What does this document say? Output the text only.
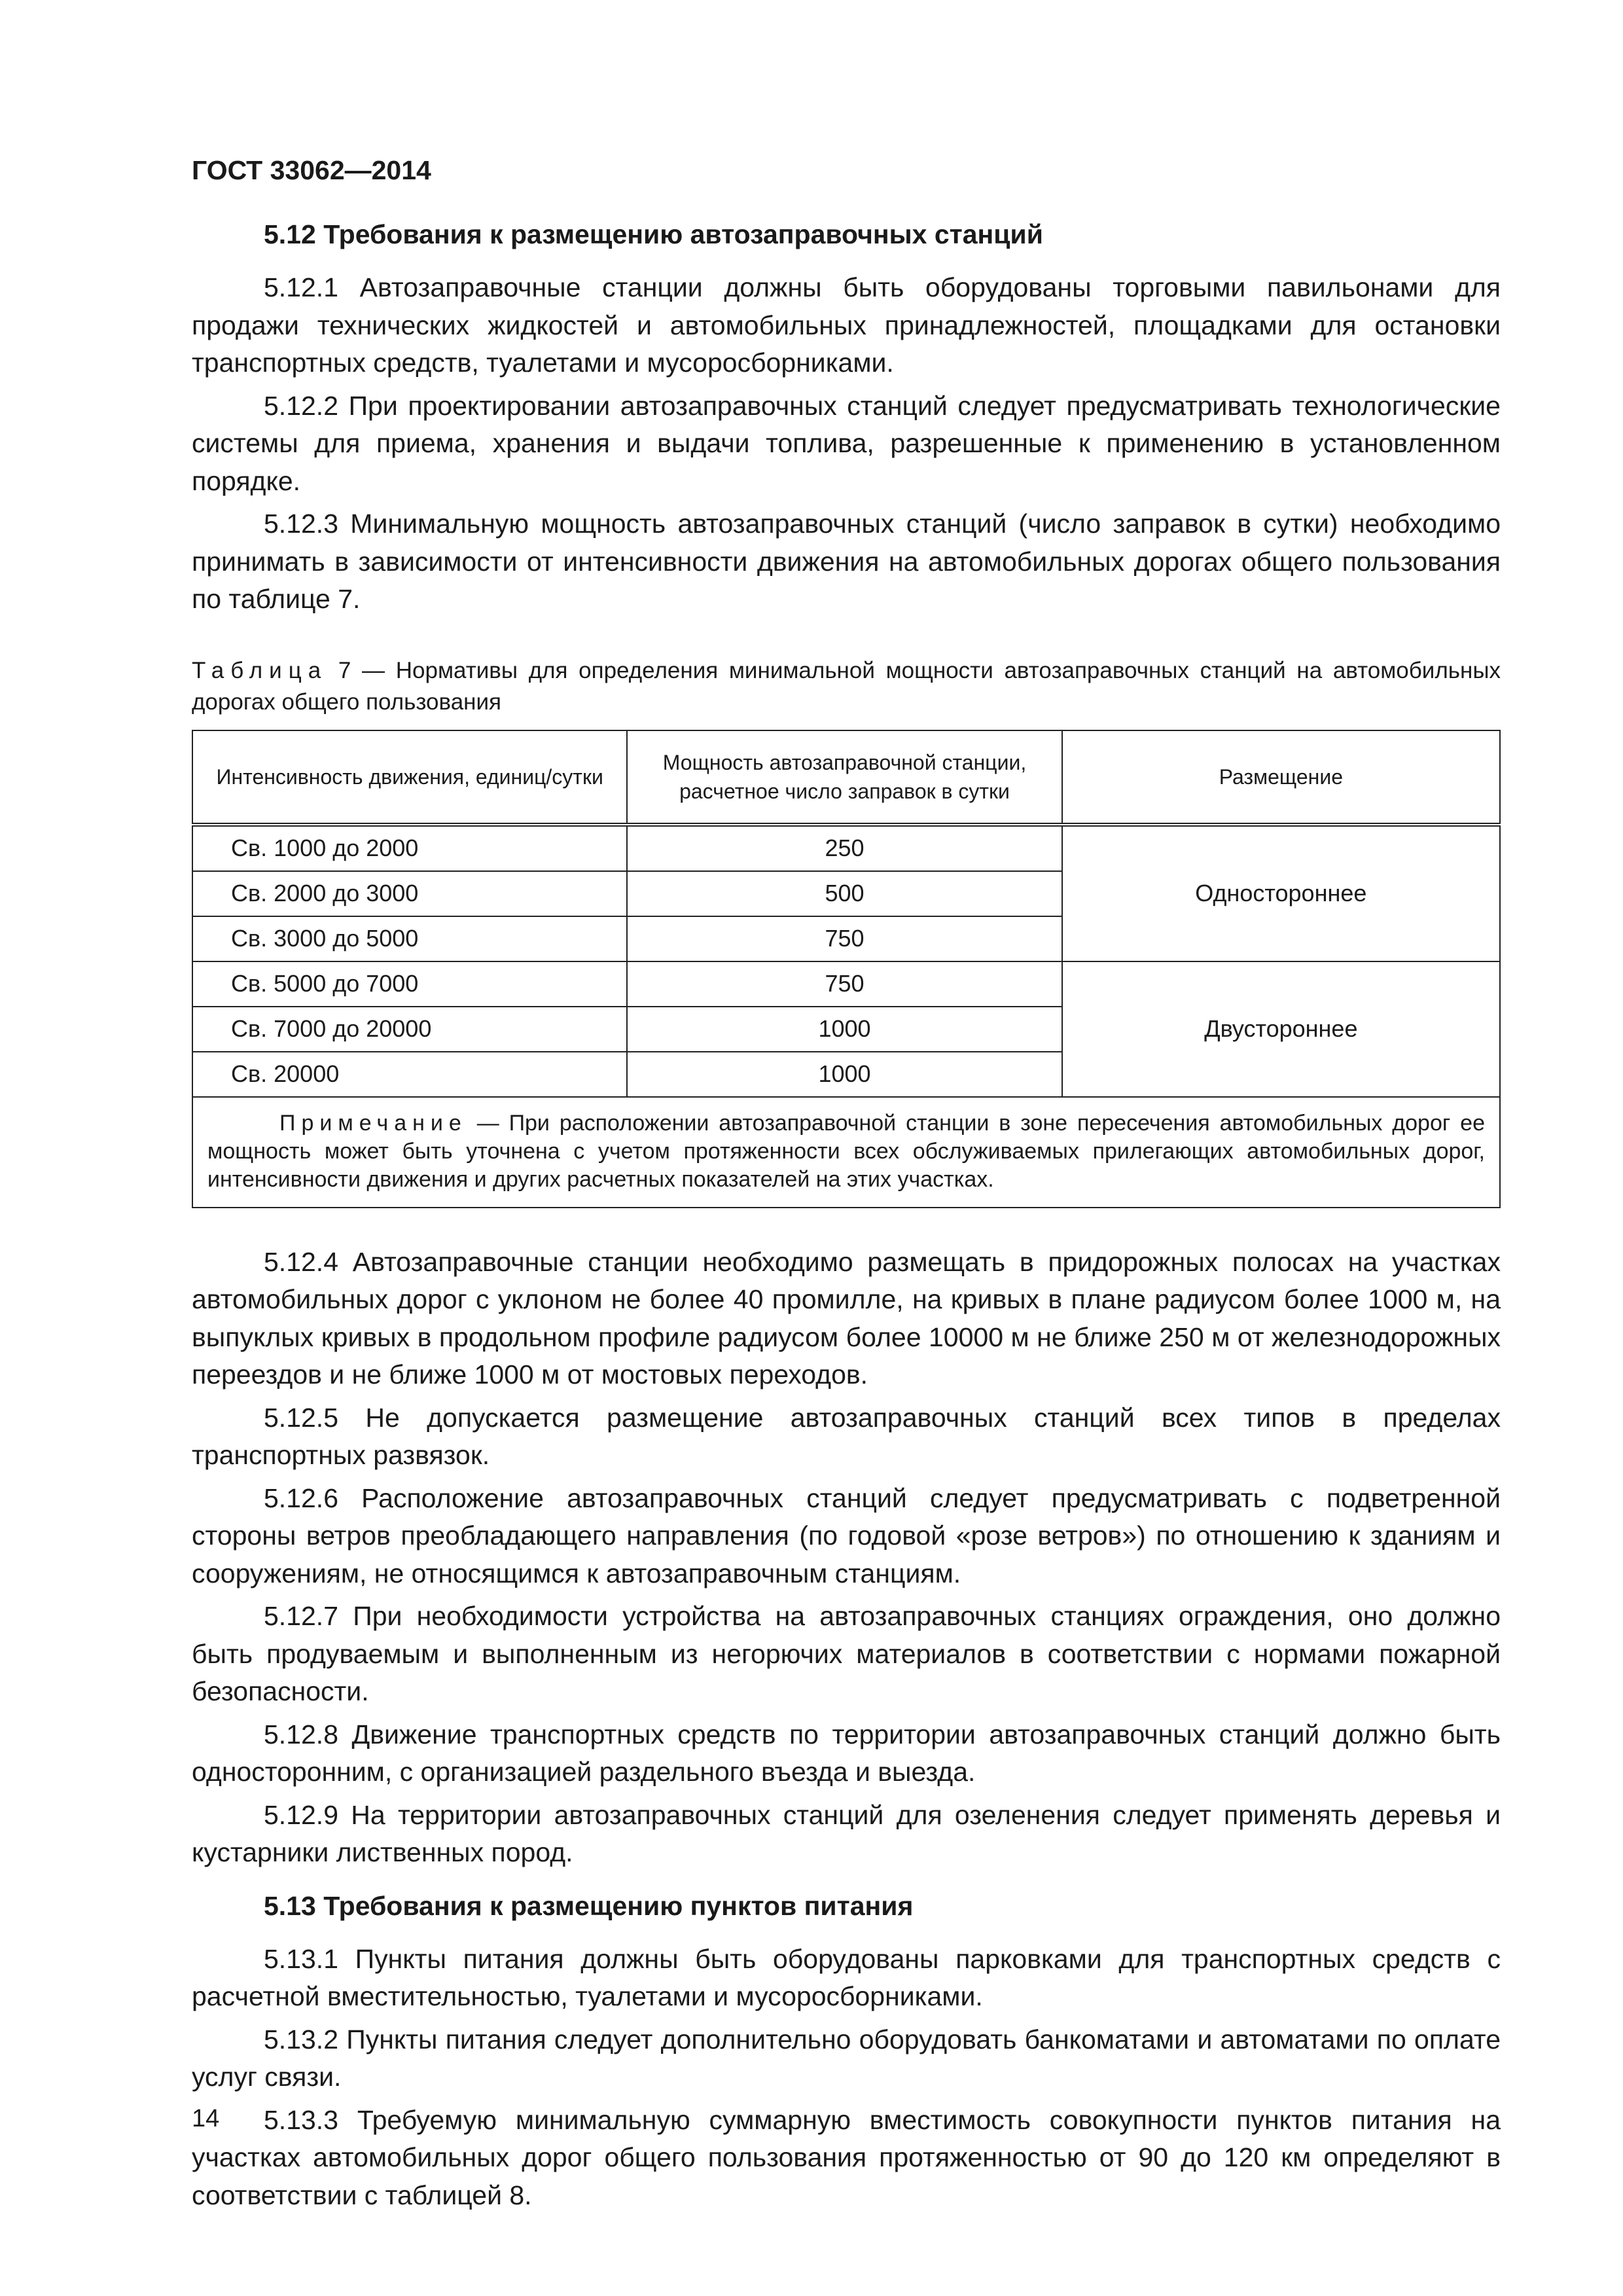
ГОСТ 33062—2014
5.12 Требования к размещению автозаправочных станций

5.12.1 Автозаправочные станции должны быть оборудованы торговыми павильонами для продажи технических жидкостей и автомобильных принадлежностей, площадками для остановки транспортных средств, туалетами и мусоросборниками.

5.12.2 При проектировании автозаправочных станций следует предусматривать технологические системы для приема, хранения и выдачи топлива, разрешенные к применению в установленном порядке.

5.12.3 Минимальную мощность автозаправочных станций (число заправок в сутки) необходимо принимать в зависимости от интенсивности движения на автомобильных дорогах общего пользования по таблице 7.

Таблица 7 — Нормативы для определения минимальной мощности автозаправочных станций на автомобильных дорогах общего пользования
Интенсивность движения, единиц/сутки	Мощность автозаправочной станции, расчетное число заправок в сутки	Размещение
Св. 1000 до 2000	250	Одностороннее
Св. 2000 до 3000	500	
Св. 3000 до 5000	750	
Св. 5000 до 7000	750	Двустороннее
Св. 7000 до 20000	1000	
Св. 20000	1000	
Примечание — При расположении автозаправочной станции в зоне пересечения автомобильных дорог ее мощность может быть уточнена с учетом протяженности всех обслуживаемых прилегающих автомобильных дорог, интенсивности движения и других расчетных показателей на этих участках.		

5.12.4 Автозаправочные станции необходимо размещать в придорожных полосах на участках автомобильных дорог с уклоном не более 40 промилле, на кривых в плане радиусом более 1000 м, на выпуклых кривых в продольном профиле радиусом более 10000 м не ближе 250 м от железнодорожных переездов и не ближе 1000 м от мостовых переходов.

5.12.5 Не допускается размещение автозаправочных станций всех типов в пределах транспортных развязок.

5.12.6 Расположение автозаправочных станций следует предусматривать с подветренной стороны ветров преобладающего направления (по годовой «розе ветров») по отношению к зданиям и сооружениям, не относящимся к автозаправочным станциям.

5.12.7 При необходимости устройства на автозаправочных станциях ограждения, оно должно быть продуваемым и выполненным из негорючих материалов в соответствии с нормами пожарной безопасности.

5.12.8 Движение транспортных средств по территории автозаправочных станций должно быть односторонним, с организацией раздельного въезда и выезда.

5.12.9 На территории автозаправочных станций для озеленения следует применять деревья и кустарники лиственных пород.

5.13 Требования к размещению пунктов питания

5.13.1 Пункты питания должны быть оборудованы парковками для транспортных средств с расчетной вместительностью, туалетами и мусоросборниками.

5.13.2 Пункты питания следует дополнительно оборудовать банкоматами и автоматами по оплате услуг связи.

5.13.3 Требуемую минимальную суммарную вместимость совокупности пунктов питания на участках автомобильных дорог общего пользования протяженностью от 90 до 120 км определяют в соответствии с таблицей 8.

14
